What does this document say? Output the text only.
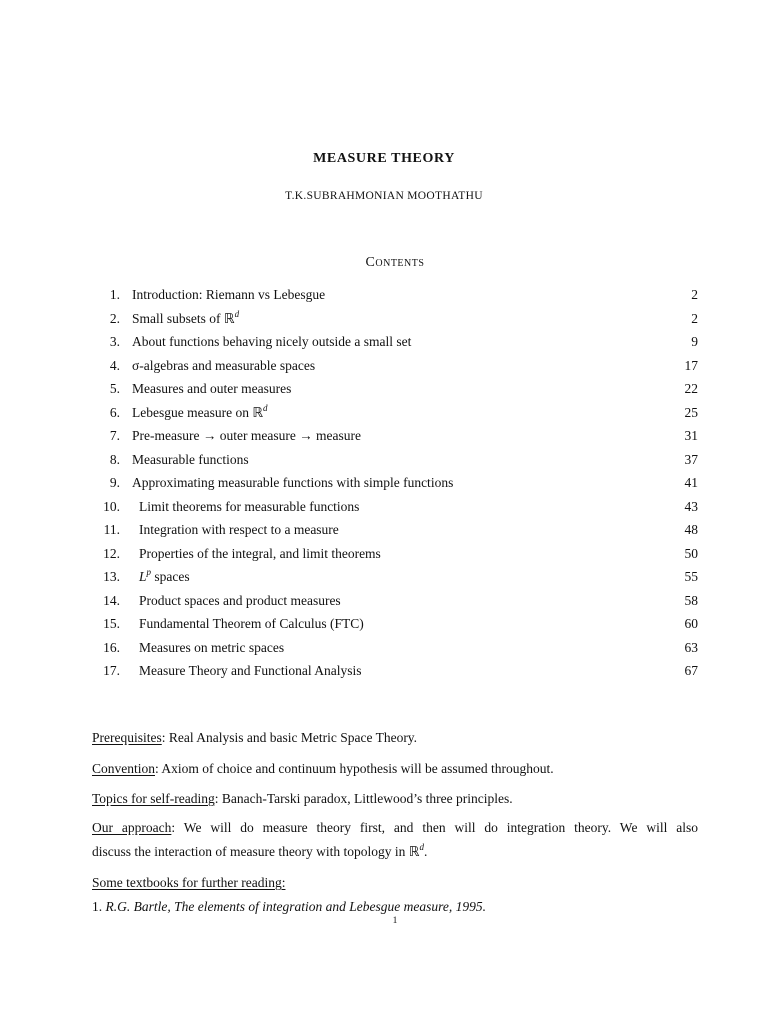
MEASURE THEORY
T.K.SUBRAHMONIAN MOOTHATHU
Contents
1. Introduction: Riemann vs Lebesgue	2
2. Small subsets of ℝ$^d$	2
3. About functions behaving nicely outside a small set	9
4. σ-algebras and measurable spaces	17
5. Measures and outer measures	22
6. Lebesgue measure on ℝ$^d$	25
7. Pre-measure → outer measure → measure	31
8. Measurable functions	37
9. Approximating measurable functions with simple functions	41
10. Limit theorems for measurable functions	43
11. Integration with respect to a measure	48
12. Properties of the integral, and limit theorems	50
13. $L^p$ spaces	55
14. Product spaces and product measures	58
15. Fundamental Theorem of Calculus (FTC)	60
16. Measures on metric spaces	63
17. Measure Theory and Functional Analysis	67
Prerequisites: Real Analysis and basic Metric Space Theory.
Convention: Axiom of choice and continuum hypothesis will be assumed throughout.
Topics for self-reading: Banach-Tarski paradox, Littlewood’s three principles.
Our approach: We will do measure theory first, and then will do integration theory. We will also
discuss the interaction of measure theory with topology in ℝ$^d$.
Some textbooks for further reading:
1. R.G. Bartle, The elements of integration and Lebesgue measure, 1995.
1
